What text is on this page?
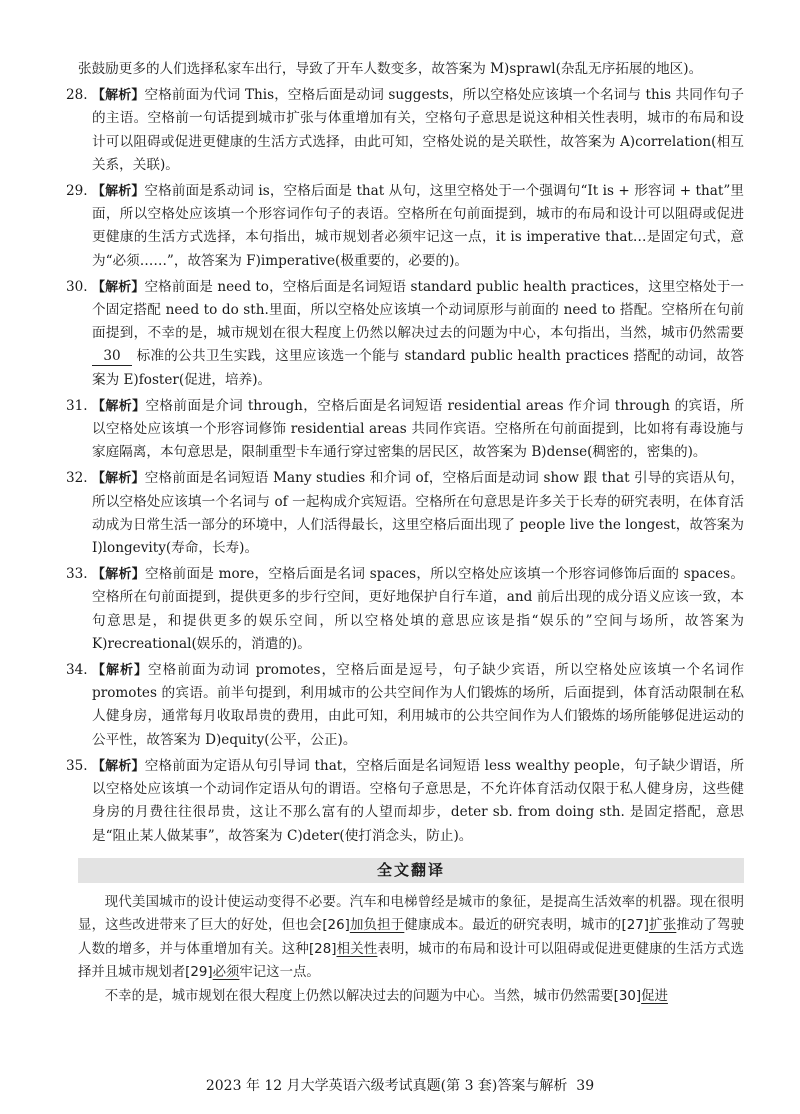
张鼓励更多的人们选择私家车出行，导致了开车人数变多，故答案为 M)sprawl(杂乱无序拓展的地区)。

28. 【解析】空格前面为代词 This，空格后面是动词 suggests，所以空格处应该填一个名词与 this 共同作句子的主语。空格前一句话提到城市扩张与体重增加有关，空格句子意思是说这种相关性表明，城市的布局和设计可以阻碍或促进更健康的生活方式选择，由此可知，空格处说的是关联性，故答案为 A)correlation(相互关系，关联)。

29. 【解析】空格前面是系动词 is，空格后面是 that 从句，这里空格处于一个强调句“It is + 形容词 + that”里面，所以空格处应该填一个形容词作句子的表语。空格所在句前面提到，城市的布局和设计可以阻碍或促进更健康的生活方式选择，本句指出，城市规划者必须牢记这一点，it is imperative that…是固定句式，意为“必须……”，故答案为 F)imperative(极重要的，必要的)。

30. 【解析】空格前面是 need to，空格后面是名词短语 standard public health practices，这里空格处于一个固定搭配 need to do sth.里面，所以空格处应该填一个动词原形与前面的 need to 搭配。空格所在句前面提到，不幸的是，城市规划在很大程度上仍然以解决过去的问题为中心，本句指出，当然，城市仍然需要 30 标准的公共卫生实践，这里应该选一个能与 standard public health practices 搭配的动词，故答案为 E)foster(促进，培养)。

31. 【解析】空格前面是介词 through，空格后面是名词短语 residential areas 作介词 through 的宾语，所以空格处应该填一个形容词修饰 residential areas 共同作宾语。空格所在句前面提到，比如将有毒设施与家庭隔离，本句意思是，限制重型卡车通行穿过密集的居民区，故答案为 B)dense(稠密的，密集的)。

32. 【解析】空格前面是名词短语 Many studies 和介词 of，空格后面是动词 show 跟 that 引导的宾语从句，所以空格处应该填一个名词与 of 一起构成介宾短语。空格所在句意思是许多关于长寿的研究表明，在体育活动成为日常生活一部分的环境中，人们活得最长，这里空格后面出现了 people live the longest，故答案为 I)longevity(寿命，长寿)。

33. 【解析】空格前面是 more，空格后面是名词 spaces，所以空格处应该填一个形容词修饰后面的 spaces。空格所在句前面提到，提供更多的步行空间，更好地保护自行车道，and 前后出现的成分语义应该一致，本句意思是，和提供更多的娱乐空间，所以空格处填的意思应该是指“娱乐的”空间与场所，故答案为 K)recreational(娱乐的，消遣的)。

34. 【解析】空格前面为动词 promotes，空格后面是逗号，句子缺少宾语，所以空格处应该填一个名词作 promotes 的宾语。前半句提到，利用城市的公共空间作为人们锻炼的场所，后面提到，体育活动限制在私人健身房，通常每月收取昂贵的费用，由此可知，利用城市的公共空间作为人们锻炼的场所能够促进运动的公平性，故答案为 D)equity(公平，公正)。

35. 【解析】空格前面为定语从句引导词 that，空格后面是名词短语 less wealthy people，句子缺少谓语，所以空格处应该填一个动词作定语从句的谓语。空格句子意思是，不允许体育活动仅限于私人健身房，这些健身房的月费往往很昂贵，这让不那么富有的人望而却步，deter sb. from doing sth. 是固定搭配，意思是“阻止某人做某事”，故答案为 C)deter(使打消念头，防止)。

全文翻译

现代美国城市的设计使运动变得不必要。汽车和电梯曾经是城市的象征，是提高生活效率的机器。现在很明显，这些改进带来了巨大的好处，但也会[26]加负担于健康成本。最近的研究表明，城市的[27]扩张推动了驾驶人数的增多，并与体重增加有关。这种[28]相关性表明，城市的布局和设计可以阻碍或促进更健康的生活方式选择并且城市规划者[29]必须牢记这一点。

不幸的是，城市规划在很大程度上仍然以解决过去的问题为中心。当然，城市仍然需要[30]促进

2023 年 12 月大学英语六级考试真题(第 3 套)答案与解析 39
